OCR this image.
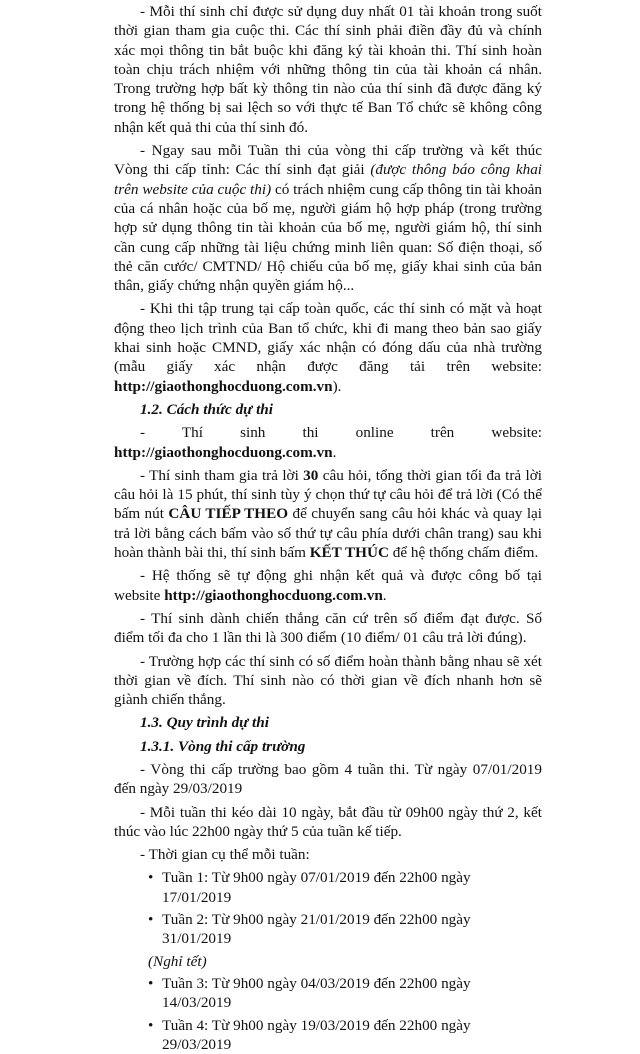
- Mỗi thí sinh chỉ được sử dụng duy nhất 01 tài khoản trong suốt thời gian tham gia cuộc thi. Các thí sinh phải điền đầy đủ và chính xác mọi thông tin bắt buộc khi đăng ký tài khoản thi. Thí sinh hoàn toàn chịu trách nhiệm với những thông tin của tài khoản cá nhân. Trong trường hợp bất kỳ thông tin nào của thí sinh đã được đăng ký trong hệ thống bị sai lệch so với thực tế Ban Tổ chức sẽ không công nhận kết quả thi của thí sinh đó.

- Ngay sau mỗi Tuần thi của vòng thi cấp trường và kết thúc Vòng thi cấp tỉnh: Các thí sinh đạt giải (được thông báo công khai trên website của cuộc thi) có trách nhiệm cung cấp thông tin tài khoản của cá nhân hoặc của bố mẹ, người giám hộ hợp pháp (trong trường hợp sử dụng thông tin tài khoản của bố mẹ, người giám hộ, thí sinh cần cung cấp những tài liệu chứng minh liên quan: Số điện thoại, số thẻ căn cước/ CMTND/ Hộ chiếu của bố mẹ, giấy khai sinh của bản thân, giấy chứng nhận quyền giám hộ...

- Khi thi tập trung tại cấp toàn quốc, các thí sinh có mặt và hoạt động theo lịch trình của Ban tổ chức, khi đi mang theo bản sao giấy khai sinh hoặc CMND, giấy xác nhận có đóng dấu của nhà trường (mẫu giấy xác nhận được đăng tải trên website: http://giaothonghocduong.com.vn).

1.2. Cách thức dự thi

- Thí sinh thi online trên website: http://giaothonghocduong.com.vn.

- Thí sinh tham gia trả lời 30 câu hỏi, tổng thời gian tối đa trả lời câu hỏi là 15 phút, thí sinh tùy ý chọn thứ tự câu hỏi để trả lời (Có thể bấm nút CÂU TIẾP THEO để chuyển sang câu hỏi khác và quay lại trả lời bằng cách bấm vào số thứ tự câu phía dưới chân trang) sau khi hoàn thành bài thi, thí sinh bấm KẾT THÚC để hệ thống chấm điểm.

- Hệ thống sẽ tự động ghi nhận kết quả và được công bố tại website http://giaothonghocduong.com.vn.

- Thí sinh dành chiến thắng căn cứ trên số điểm đạt được. Số điểm tối đa cho 1 lần thi là 300 điểm (10 điểm/ 01 câu trả lời đúng).

- Trường hợp các thí sinh có số điểm hoàn thành bằng nhau sẽ xét thời gian về đích. Thí sinh nào có thời gian về đích nhanh hơn sẽ giành chiến thắng.

1.3. Quy trình dự thi

1.3.1. Vòng thi cấp trường

- Vòng thi cấp trường bao gồm 4 tuần thi. Từ ngày 07/01/2019 đến ngày 29/03/2019

- Mỗi tuần thi kéo dài 10 ngày, bắt đầu từ 09h00 ngày thứ 2, kết thúc vào lúc 22h00 ngày thứ 5 của tuần kế tiếp.

- Thời gian cụ thể mỗi tuần:

• Tuần 1: Từ 9h00 ngày 07/01/2019 đến 22h00 ngày 17/01/2019
• Tuần 2: Từ 9h00 ngày 21/01/2019 đến 22h00 ngày 31/01/2019
(Nghỉ tết)
• Tuần 3: Từ 9h00 ngày 04/03/2019 đến 22h00 ngày 14/03/2019
• Tuần 4: Từ 9h00 ngày 19/03/2019 đến 22h00 ngày 29/03/2019
